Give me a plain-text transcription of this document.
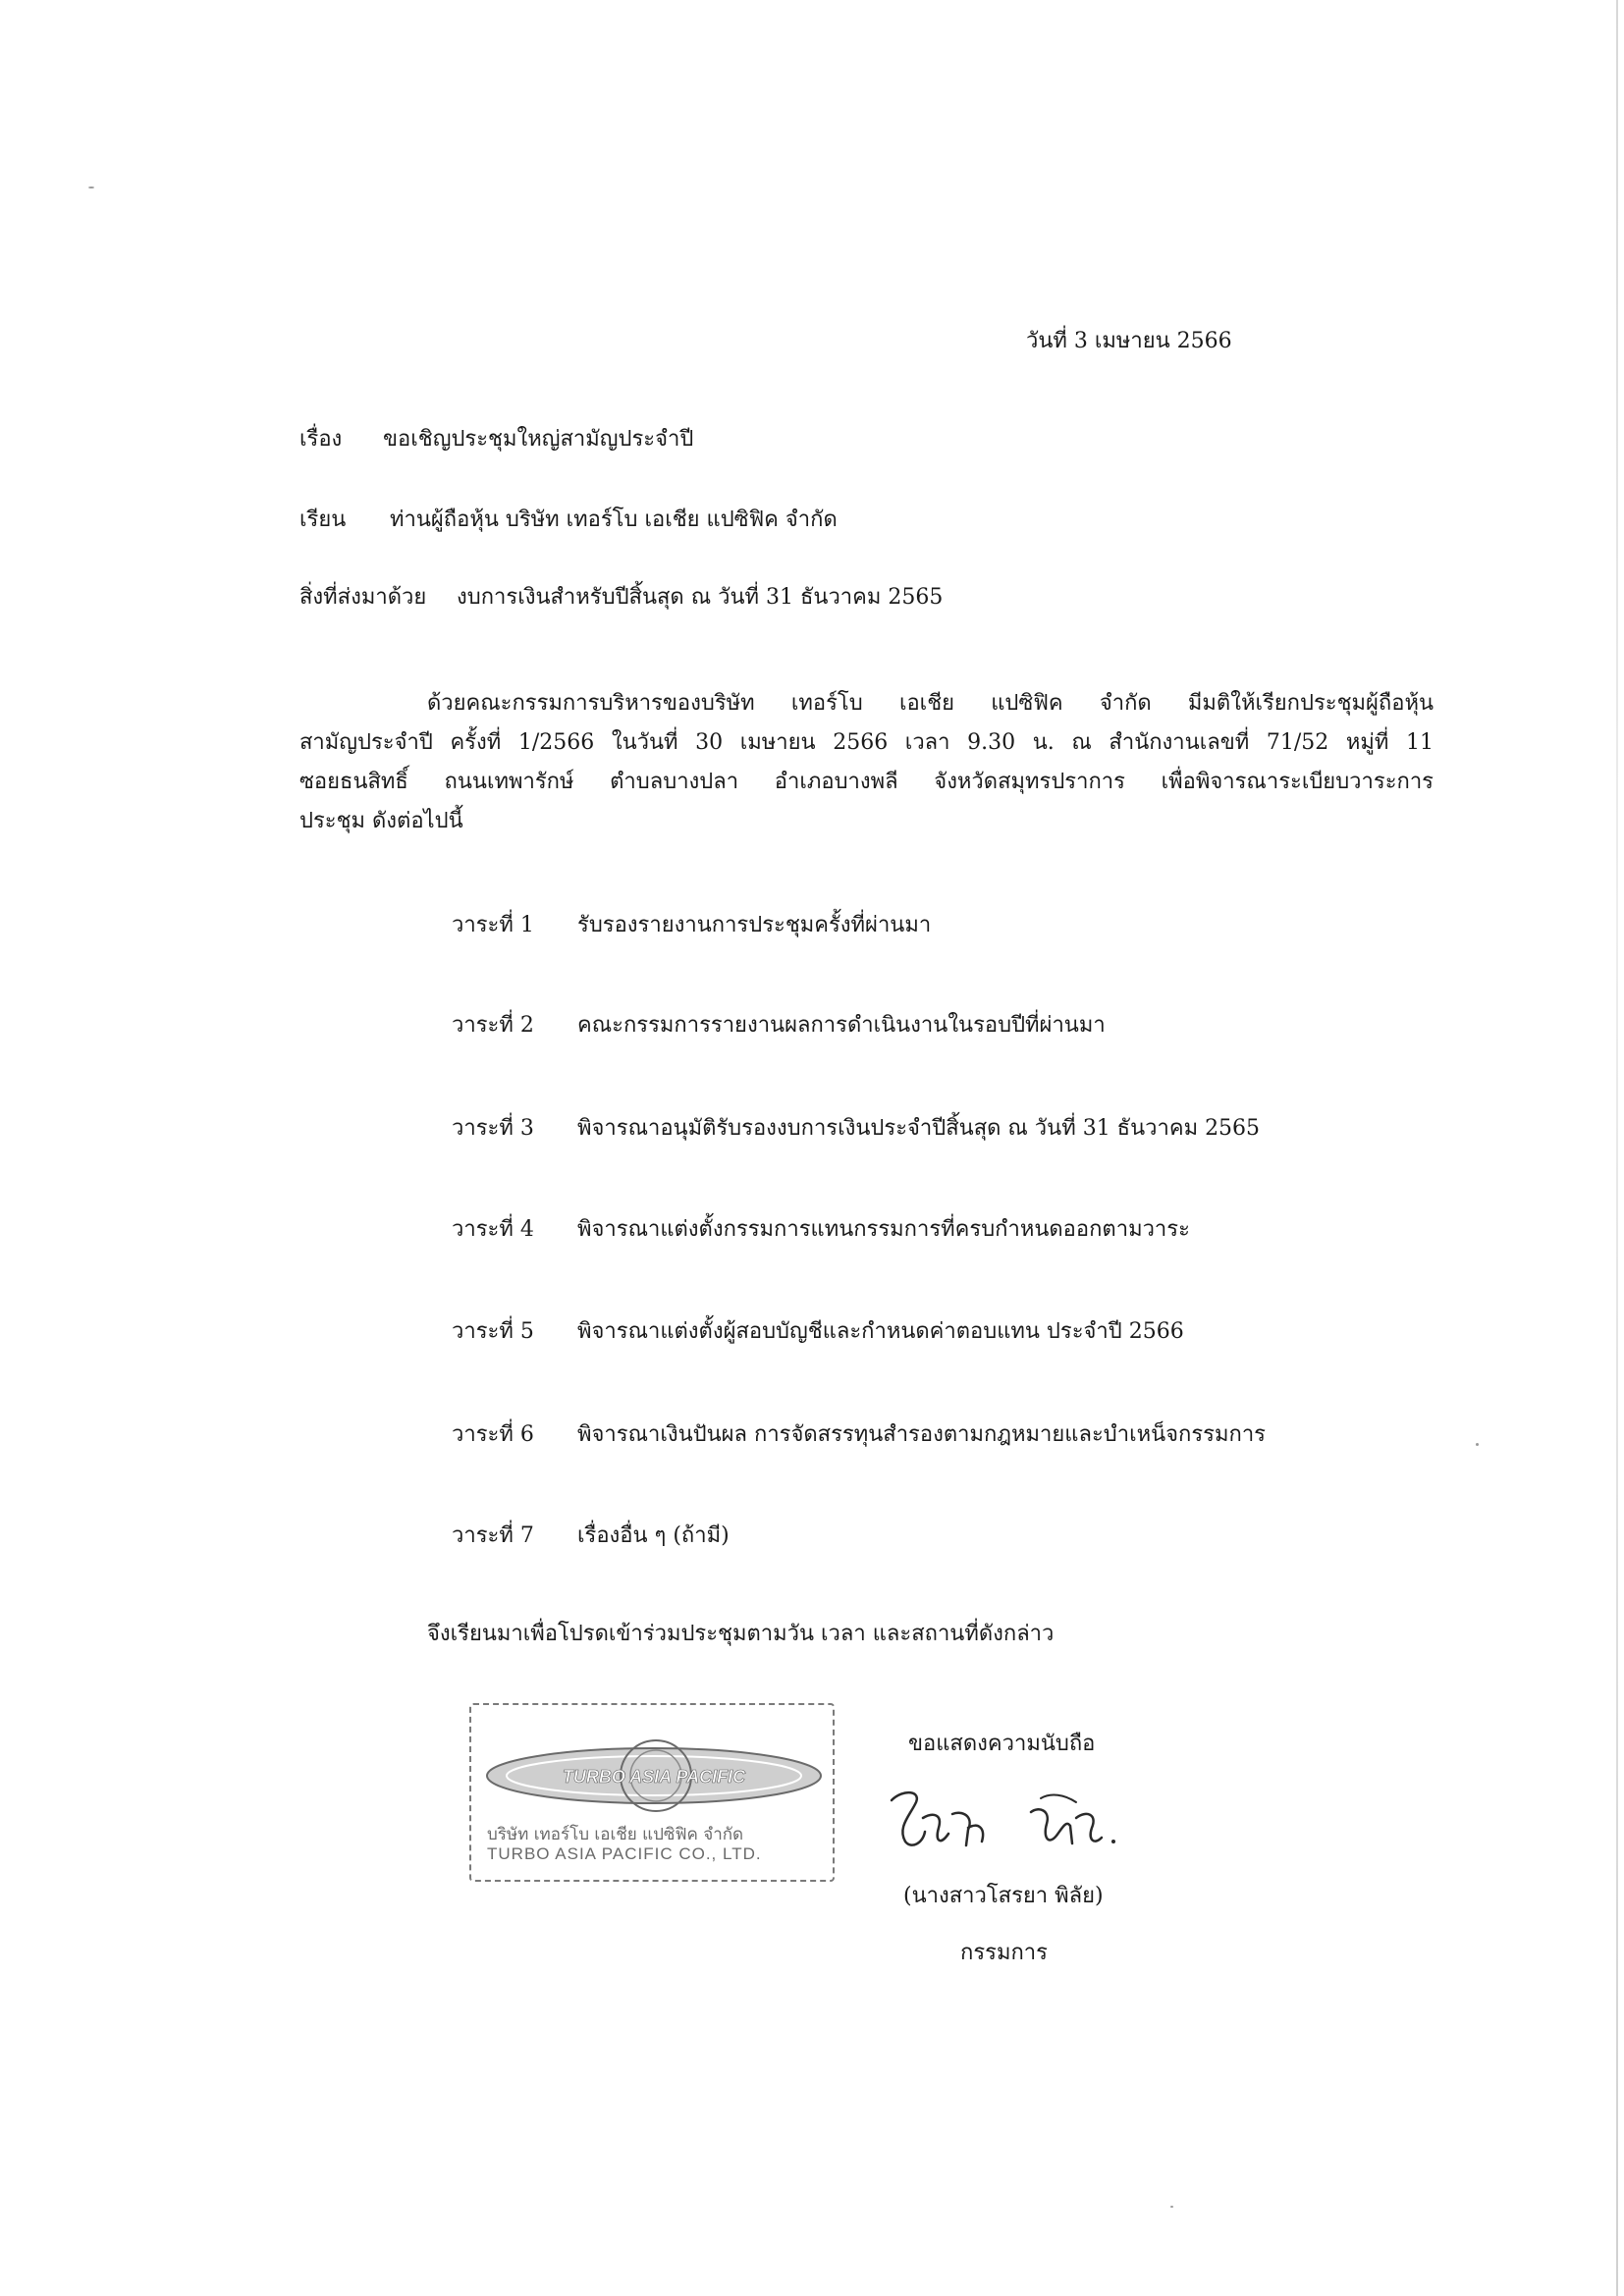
วันที่ 3 เมษายน 2566
เรื่อง ขอเชิญประชุมใหญ่สามัญประจำปี
เรียน ท่านผู้ถือหุ้น บริษัท เทอร์โบ เอเชีย แปซิฟิค จำกัด
สิ่งที่ส่งมาด้วย งบการเงินสำหรับปีสิ้นสุด ณ วันที่ 31 ธันวาคม 2565
ด้วยคณะกรรมการบริหารของบริษัท เทอร์โบ เอเชีย แปซิฟิค จำกัด มีมติให้เรียกประชุมผู้ถือหุ้น
สามัญประจำปี ครั้งที่ 1/2566 ในวันที่ 30 เมษายน 2566 เวลา 9.30 น. ณ สำนักงานเลขที่ 71/52 หมู่ที่ 11
ซอยธนสิทธิ์ ถนนเทพารักษ์ ตำบลบางปลา อำเภอบางพลี จังหวัดสมุทรปราการ เพื่อพิจารณาระเบียบวาระการ
ประชุม ดังต่อไปนี้
วาระที่ 1 รับรองรายงานการประชุมครั้งที่ผ่านมา
วาระที่ 2 คณะกรรมการรายงานผลการดำเนินงานในรอบปีที่ผ่านมา
วาระที่ 3 พิจารณาอนุมัติรับรองงบการเงินประจำปีสิ้นสุด ณ วันที่ 31 ธันวาคม 2565
วาระที่ 4 พิจารณาแต่งตั้งกรรมการแทนกรรมการที่ครบกำหนดออกตามวาระ
วาระที่ 5 พิจารณาแต่งตั้งผู้สอบบัญชีและกำหนดค่าตอบแทน ประจำปี 2566
วาระที่ 6 พิจารณาเงินปันผล การจัดสรรทุนสำรองตามกฎหมายและบำเหน็จกรรมการ
วาระที่ 7 เรื่องอื่น ๆ (ถ้ามี)
จึงเรียนมาเพื่อโปรดเข้าร่วมประชุมตามวัน เวลา และสถานที่ดังกล่าว
TURBO ASIA PACIFIC
บริษัท เทอร์โบ เอเชีย แปซิฟิค จำกัด
TURBO ASIA PACIFIC CO., LTD.
ขอแสดงความนับถือ
(นางสาวโสรยา พิลัย)
กรรมการ
